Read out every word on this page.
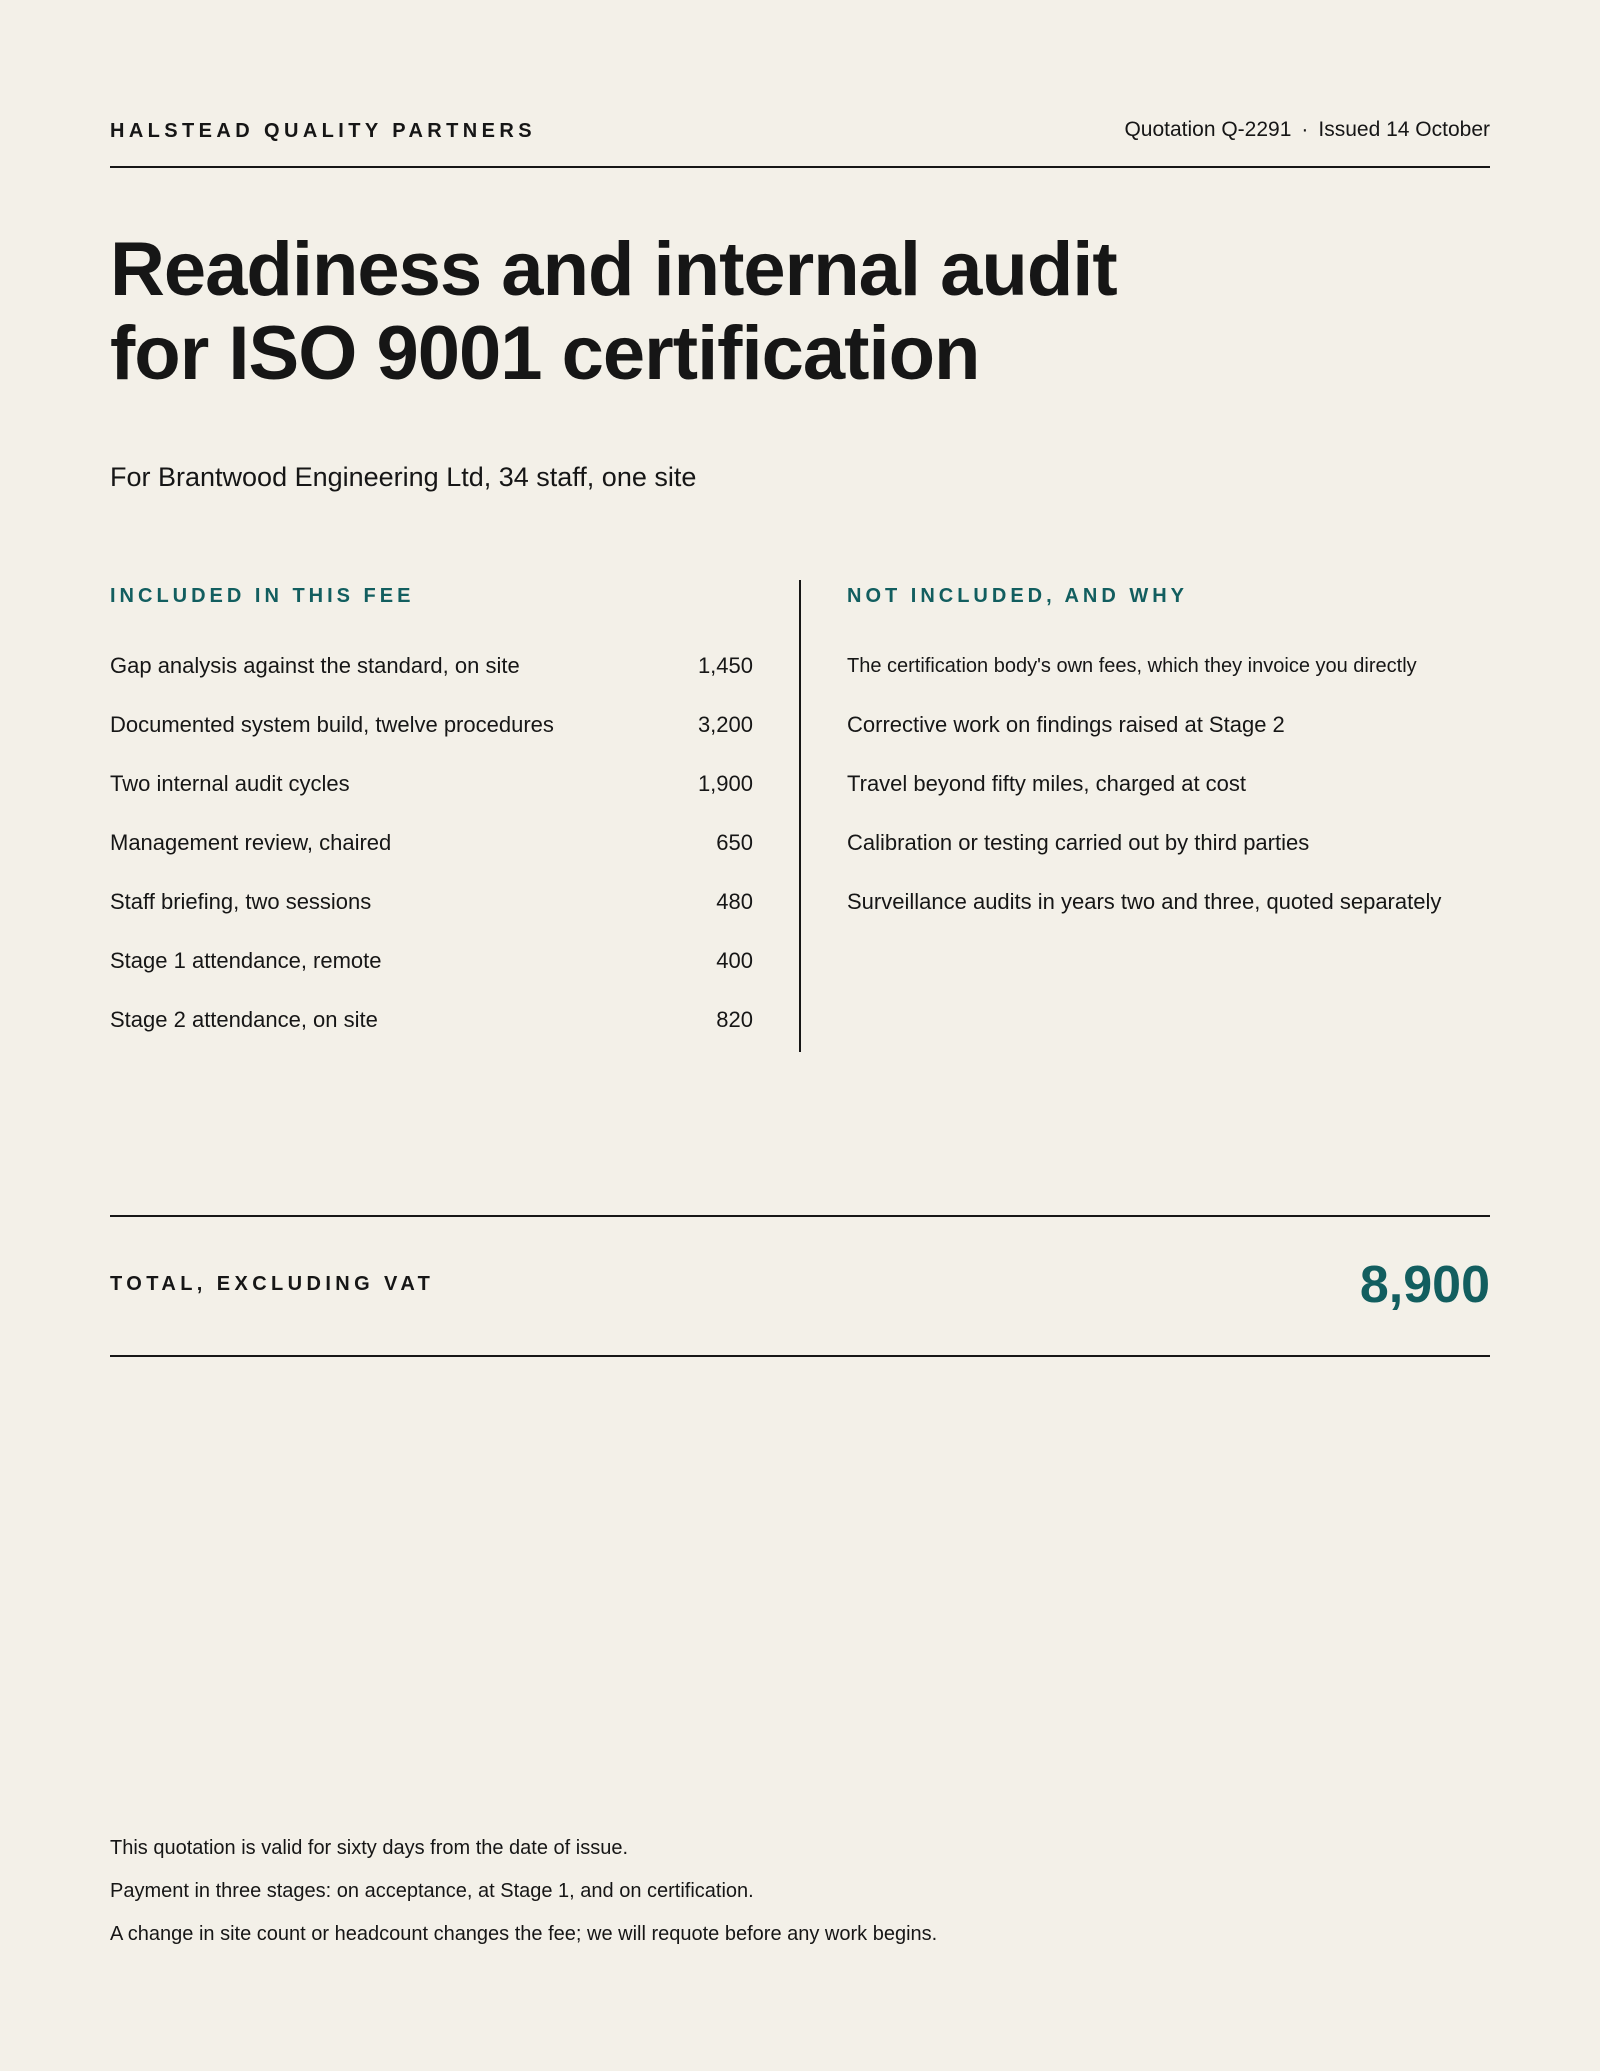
HALSTEAD QUALITY PARTNERS	Quotation Q-2291 · Issued 14 October
Readiness and internal audit
for ISO 9001 certification
For Brantwood Engineering Ltd, 34 staff, one site
INCLUDED IN THIS FEE
Gap analysis against the standard, on site	1,450
Documented system build, twelve procedures	3,200
Two internal audit cycles	1,900
Management review, chaired	650
Staff briefing, two sessions	480
Stage 1 attendance, remote	400
Stage 2 attendance, on site	820
NOT INCLUDED, AND WHY
The certification body's own fees, which they invoice you directly
Corrective work on findings raised at Stage 2
Travel beyond fifty miles, charged at cost
Calibration or testing carried out by third parties
Surveillance audits in years two and three, quoted separately
TOTAL, EXCLUDING VAT	8,900
This quotation is valid for sixty days from the date of issue.
Payment in three stages: on acceptance, at Stage 1, and on certification.
A change in site count or headcount changes the fee; we will requote before any work begins.
